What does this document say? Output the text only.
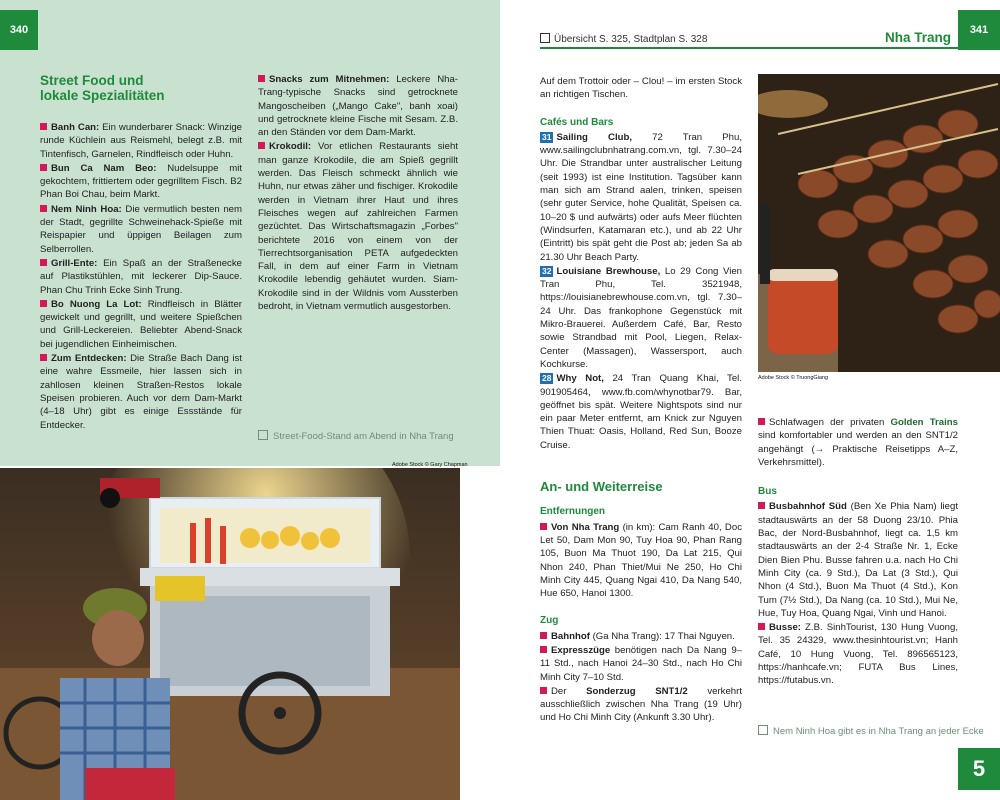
340
Street Food und
lokale Spezialitäten

Banh Can: Ein wunderbarer Snack: Winzige runde Küchlein aus Reismehl, belegt z.B. mit Tintenfisch, Garnelen, Rindfleisch oder Huhn.

Bun Ca Nam Beo: Nudelsuppe mit gekochtem, frittiertem oder gegrilltem Fisch. B2 Phan Boi Chau, beim Markt.

Nem Ninh Hoa: Die vermutlich besten nem der Stadt, gegrillte Schweinehack-Spieße mit Reispapier und üppigen Beilagen zum Selberrollen.

Grill-Ente: Ein Spaß an der Straßenecke auf Plastikstühlen, mit leckerer Dip-Sauce. Phan Chu Trinh Ecke Sinh Trung.

Bo Nuong La Lot: Rindfleisch in Blätter gewickelt und gegrillt, und weitere Spießchen und Grill-Leckereien. Beliebter Abend-Snack bei jugendlichen Einheimischen.

Zum Entdecken: Die Straße Bach Dang ist eine wahre Essmeile, hier lassen sich in zahllosen kleinen Straßen-Restos lokale Speisen probieren. Auch vor dem Dam-Markt (4–18 Uhr) gibt es einige Essstände für Entdecker.

Snacks zum Mitnehmen: Leckere Nha-Trang-typische Snacks sind getrocknete Mangoscheiben („Mango Cake", banh xoai) und getrocknete kleine Fische mit Sesam. Z.B. an den Ständen vor dem Dam-Markt.

Krokodil: Vor etlichen Restaurants sieht man ganze Krokodile, die am Spieß gegrillt werden. Das Fleisch schmeckt ähnlich wie Huhn, nur etwas zäher und fischiger. Krokodile werden in Vietnam ihrer Haut und ihres Fleisches wegen auf zahlreichen Farmen gezüchtet. Das Wirtschaftsmagazin „Forbes" berichtete 2016 von einem von der Tierrechtsorganisation PETA aufgedeckten Fall, in dem auf einer Farm in Vietnam Krokodile lebendig gehäutet wurden. Siam-Krokodile sind in der Wildnis vom Aussterben bedroht, in Vietnam vermutlich ausgestorben.

Street-Food-Stand am Abend in Nha Trang
Adobe Stock © Gary Chapman
Übersicht S. 325, Stadtplan S. 328	Nha Trang	341

Auf dem Trottoir oder – Clou! – im ersten Stock an richtigen Tischen.

Cafés und Bars

31 Sailing Club, 72 Tran Phu, www.sailingclubnhatrang.com.vn, tgl. 7.30–24 Uhr. Die Strandbar unter australischer Leitung (seit 1993) ist eine Institution. Tagsüber kann man sich am Strand aalen, trinken, speisen (sehr guter Service, hohe Qualität, Speisen ca. 10–20 $ und aufwärts) oder aufs Meer flüchten (Windsurfen, Katamaran etc.), und ab 22 Uhr (Eintritt) bis spät geht die Post ab; jeden Sa ab 21.30 Uhr Beach Party.

32 Louisiane Brewhouse, Lo 29 Cong Vien Tran Phu, Tel. 3521948, https://louisianebrewhouse.com.vn, tgl. 7.30–24 Uhr. Das frankophone Gegenstück mit Mikro-Brauerei. Außerdem Café, Bar, Resto sowie Strandbad mit Pool, Liegen, Relax-Center (Massagen), Wassersport, auch Kochkurse.

28 Why Not, 24 Tran Quang Khai, Tel. 901905464, www.fb.com/whynotbar79. Bar, geöffnet bis spät. Weitere Nightspots sind nur ein paar Meter entfernt, am Knick zur Nguyen Thien Thuat: Oasis, Holland, Red Sun, Booze Cruise.

An- und Weiterreise
Entfernungen

Von Nha Trang (in km): Cam Ranh 40, Doc Let 50, Dam Mon 90, Tuy Hoa 90, Phan Rang 105, Buon Ma Thuot 190, Da Lat 215, Qui Nhon 240, Phan Thiet/Mui Ne 250, Ho Chi Minh City 445, Quang Ngai 410, Da Nang 540, Hue 650, Hanoi 1300.

Zug

Bahnhof (Ga Nha Trang): 17 Thai Nguyen.

Expresszüge benötigen nach Da Nang 9–11 Std., nach Hanoi 24–30 Std., nach Ho Chi Minh City 7–10 Std.

Der Sonderzug SNT1/2 verkehrt ausschließlich zwischen Nha Trang (19 Uhr) und Ho Chi Minh City (Ankunft 3.30 Uhr).

Adobe Stock © TruongGiang

Schlafwagen der privaten Golden Trains sind komfortabler und werden an den SNT1/2 angehängt (→ Praktische Reisetipps A–Z, Verkehrsmittel).

Bus

Busbahnhof Süd (Ben Xe Phia Nam) liegt stadtauswärts an der 58 Duong 23/10. Phia Bac, der Nord-Busbahnhof, liegt ca. 1,5 km stadtauswärts an der 2-4 Straße Nr. 1, Ecke Dien Bien Phu. Busse fahren u.a. nach Ho Chi Minh City (ca. 9 Std.), Da Lat (3 Std.), Qui Nhon (4 Std.), Buon Ma Thuot (4 Std.), Kon Tum (7½ Std.), Da Nang (ca. 10 Std.), Mui Ne, Hue, Tuy Hoa, Quang Ngai, Vinh und Hanoi.

Busse: Z.B. SinhTourist, 130 Hung Vuong, Tel. 35 24329, www.thesinhtourist.vn; Hanh Café, 10 Hung Vuong, Tel. 896565123, https://hanhcafe.vn; FUTA Bus Lines, https://futabus.vn.

Nem Ninh Hoa gibt es in Nha Trang an jeder Ecke
5
